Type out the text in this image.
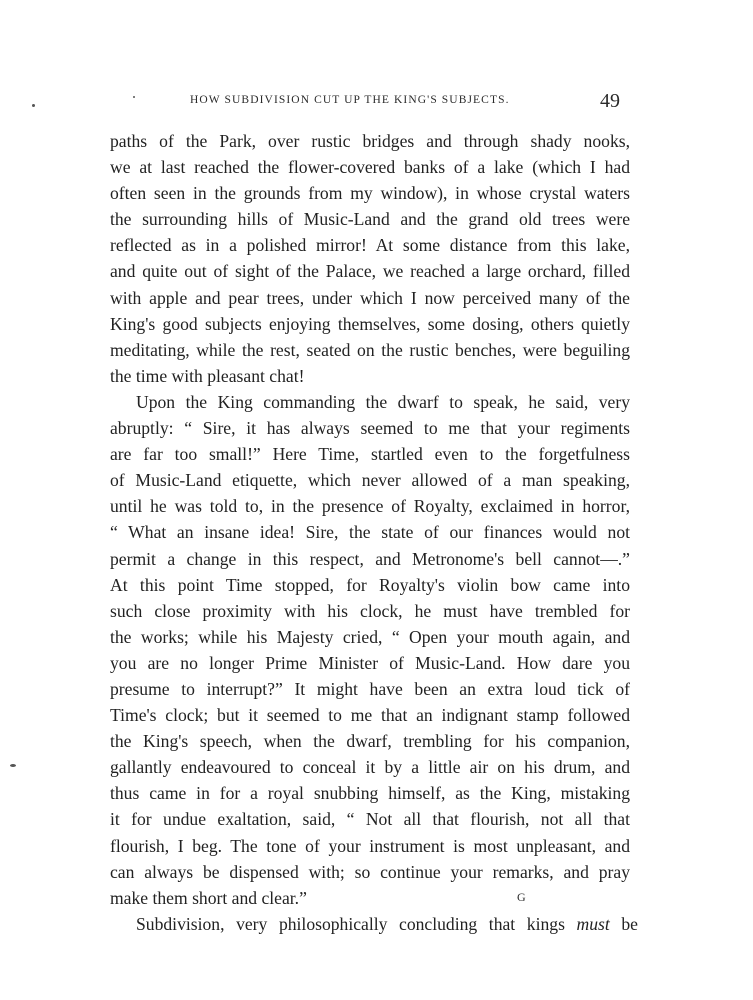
HOW SUBDIVISION CUT UP THE KING'S SUBJECTS.	49
paths of the Park, over rustic bridges and through shady nooks,
we at last reached the flower-covered banks of a lake (which I had
often seen in the grounds from my window), in whose crystal waters
the surrounding hills of Music-Land and the grand old trees were
reflected as in a polished mirror! At some distance from this lake,
and quite out of sight of the Palace, we reached a large orchard, filled
with apple and pear trees, under which I now perceived many of the
King's good subjects enjoying themselves, some dosing, others quietly
meditating, while the rest, seated on the rustic benches, were beguiling
the time with pleasant chat!
Upon the King commanding the dwarf to speak, he said, very
abruptly: “ Sire, it has always seemed to me that your regiments
are far too small!” Here Time, startled even to the forgetfulness
of Music-Land etiquette, which never allowed of a man speaking,
until he was told to, in the presence of Royalty, exclaimed in horror,
“ What an insane idea! Sire, the state of our finances would not
permit a change in this respect, and Metronome's bell cannot—.”
At this point Time stopped, for Royalty's violin bow came into
such close proximity with his clock, he must have trembled for
the works; while his Majesty cried, “ Open your mouth again, and
you are no longer Prime Minister of Music-Land. How dare you
presume to interrupt?” It might have been an extra loud tick of
Time's clock; but it seemed to me that an indignant stamp followed
the King's speech, when the dwarf, trembling for his companion,
gallantly endeavoured to conceal it by a little air on his drum, and
thus came in for a royal snubbing himself, as the King, mistaking
it for undue exaltation, said, “ Not all that flourish, not all that
flourish, I beg. The tone of your instrument is most unpleasant, and
can always be dispensed with; so continue your remarks, and pray
make them short and clear.”
Subdivision, very philosophically concluding that kings must be
G
